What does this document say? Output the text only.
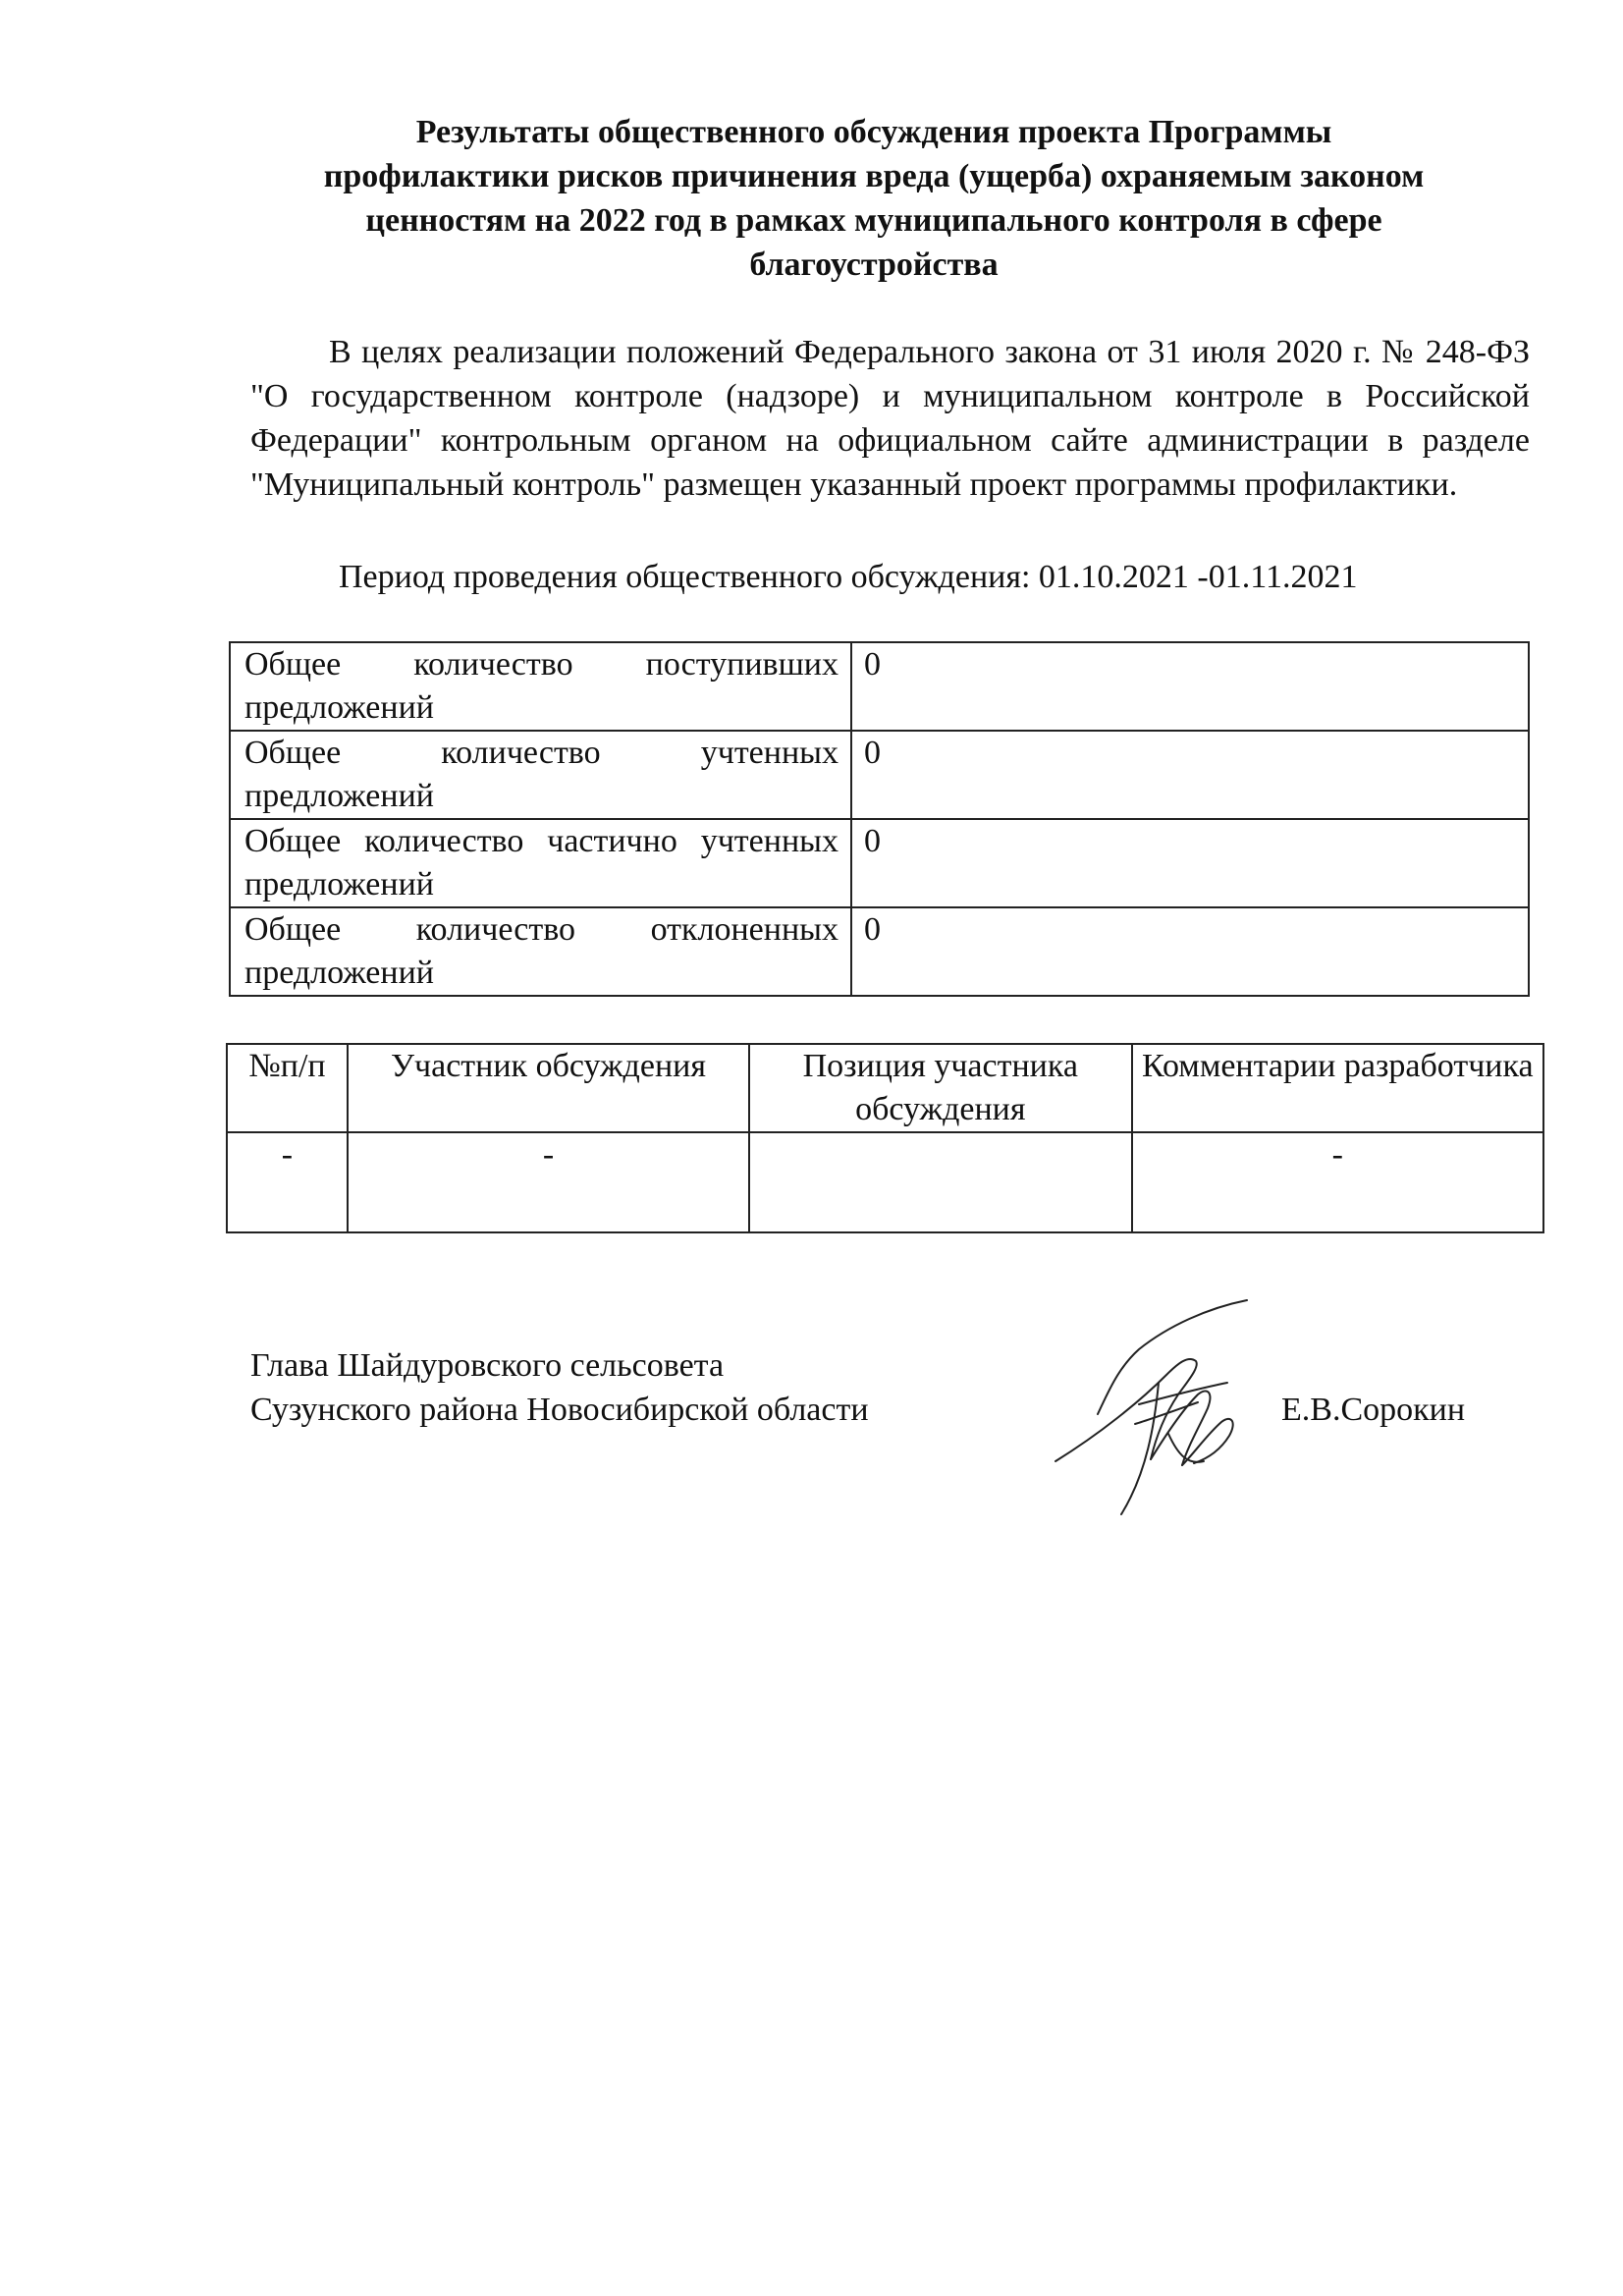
Результаты общественного обсуждения проекта Программы
профилактики рисков причинения вреда (ущерба) охраняемым законом
ценностям на 2022 год в рамках муниципального контроля в сфере
благоустройства
В целях реализации положений Федерального закона от 31 июля 2020 г. № 248-ФЗ "О государственном контроле (надзоре) и муниципальном контроле в Российской Федерации" контрольным органом на официальном сайте администрации в разделе "Муниципальный контроль" размещен указанный проект программы профилактики.
Период проведения общественного обсуждения: 01.10.2021 -01.11.2021
Общее количество поступивших предложений	0
Общее количество учтенных предложений	0
Общее количество частично учтенных предложений	0
Общее количество отклоненных предложений	0
№п/п	Участник обсуждения	Позиция участника обсуждения	Комментарии разработчика
-	-		-
Глава Шайдуровского сельсовета
Сузунского района Новосибирской области	Е.В.Сорокин
